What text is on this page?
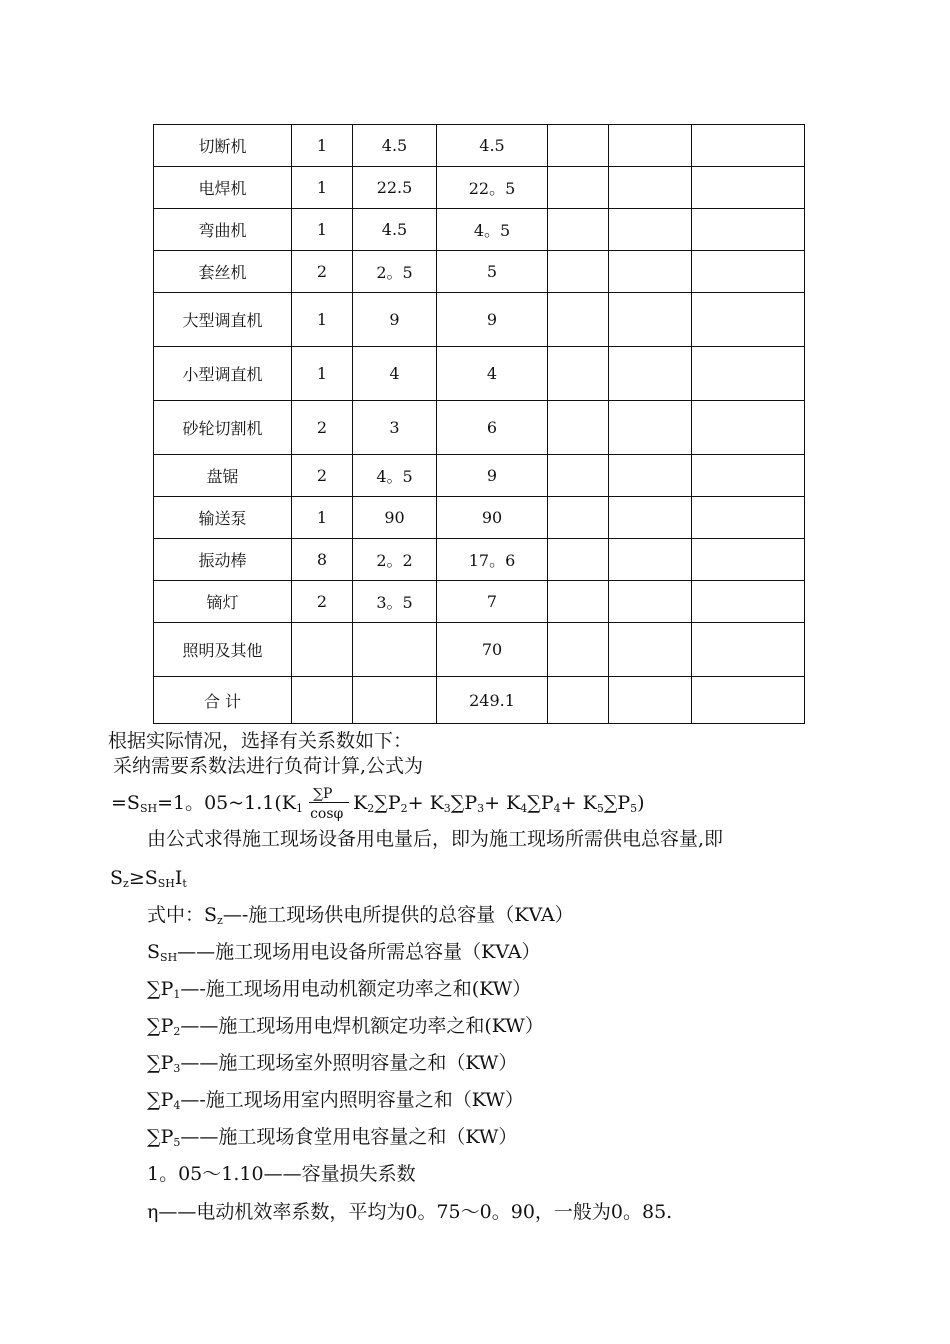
切断机	1	4.5	4.5			
电焊机	1	22.5	22。5			
弯曲机	1	4.5	4。5			
套丝机	2	2。5	5			
大型调直机	1	9	9			
小型调直机	1	4	4			
砂轮切割机	2	3	6			
盘锯	2	4。5	9			
输送泵	1	90	90			
振动棒	8	2。2	17。6			
镝灯	2	3。5	7			
照明及其他			70			
合 计			249.1			
根据实际情况，选择有关系数如下：
采纳需要系数法进行负荷计算,公式为
$=S_{SH}=1$。$05\sim 1.1(K_1 \frac{\sum P}{\cos\varphi} K_2\sum P_2+ K_3\sum P_3+ K_4\sum P_4+ K_5\sum P_5)$
由公式求得施工现场设备用电量后，即为施工现场所需供电总容量,即
$S_z\ge S_{SH}I_t$
式中：$S_z—-$施工现场供电所提供的总容量（KVA）
$S_{SH}——$施工现场用电设备所需总容量（KVA）
$\sum P_1—-$施工现场用电动机额定功率之和(KW）
$\sum P_2——$施工现场用电焊机额定功率之和(KW）
$\sum P_3——$施工现场室外照明容量之和（KW）
$\sum P_4—-$施工现场用室内照明容量之和（KW）
$\sum P_5——$施工现场食堂用电容量之和（KW）
1。05～1.10——容量损失系数
η——电动机效率系数，平均为0。75～0。90，一般为0。85.
